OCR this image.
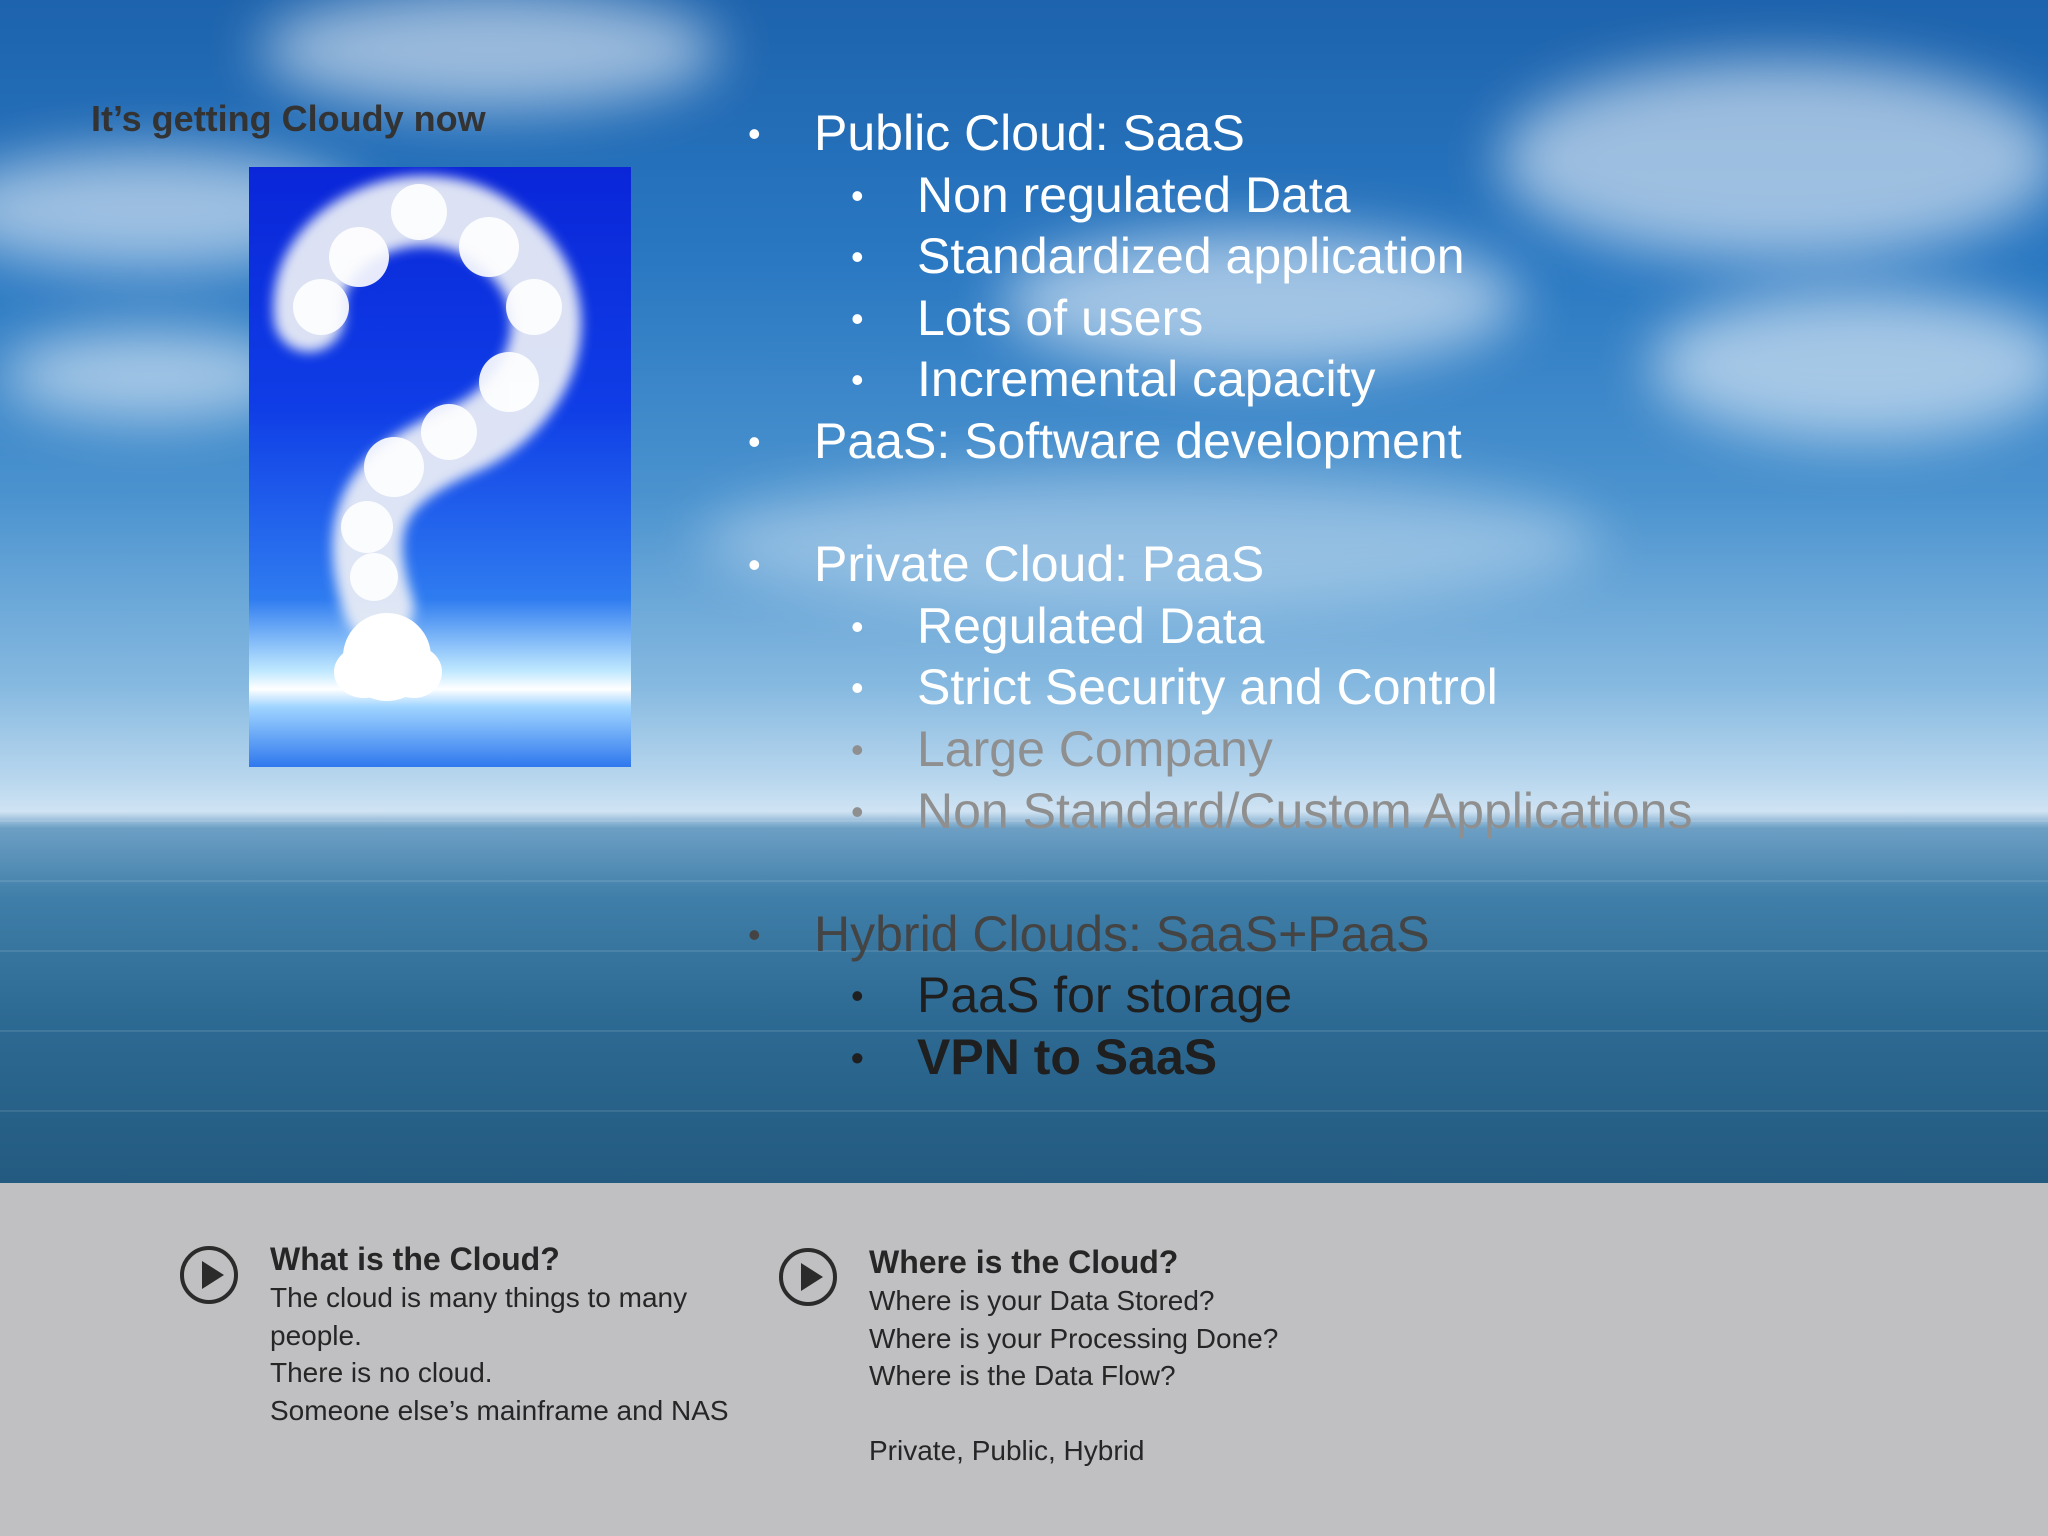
It’s getting Cloudy now	• Public Cloud: SaaS
• Non regulated Data
• Standardized application
• Lots of users
• Incremental capacity
• PaaS: Software development
• Private Cloud: PaaS
• Regulated Data
• Strict Security and Control
• Large Company
• Non Standard/Custom Applications
• Hybrid Clouds: SaaS+PaaS
• PaaS for storage
• VPN to SaaS
What is the Cloud?
The cloud is many things to many
people.
There is no cloud.
Someone else’s mainframe and NAS
Where is the Cloud?
Where is your Data Stored?
Where is your Processing Done?
Where is the Data Flow?
Private, Public, Hybrid
